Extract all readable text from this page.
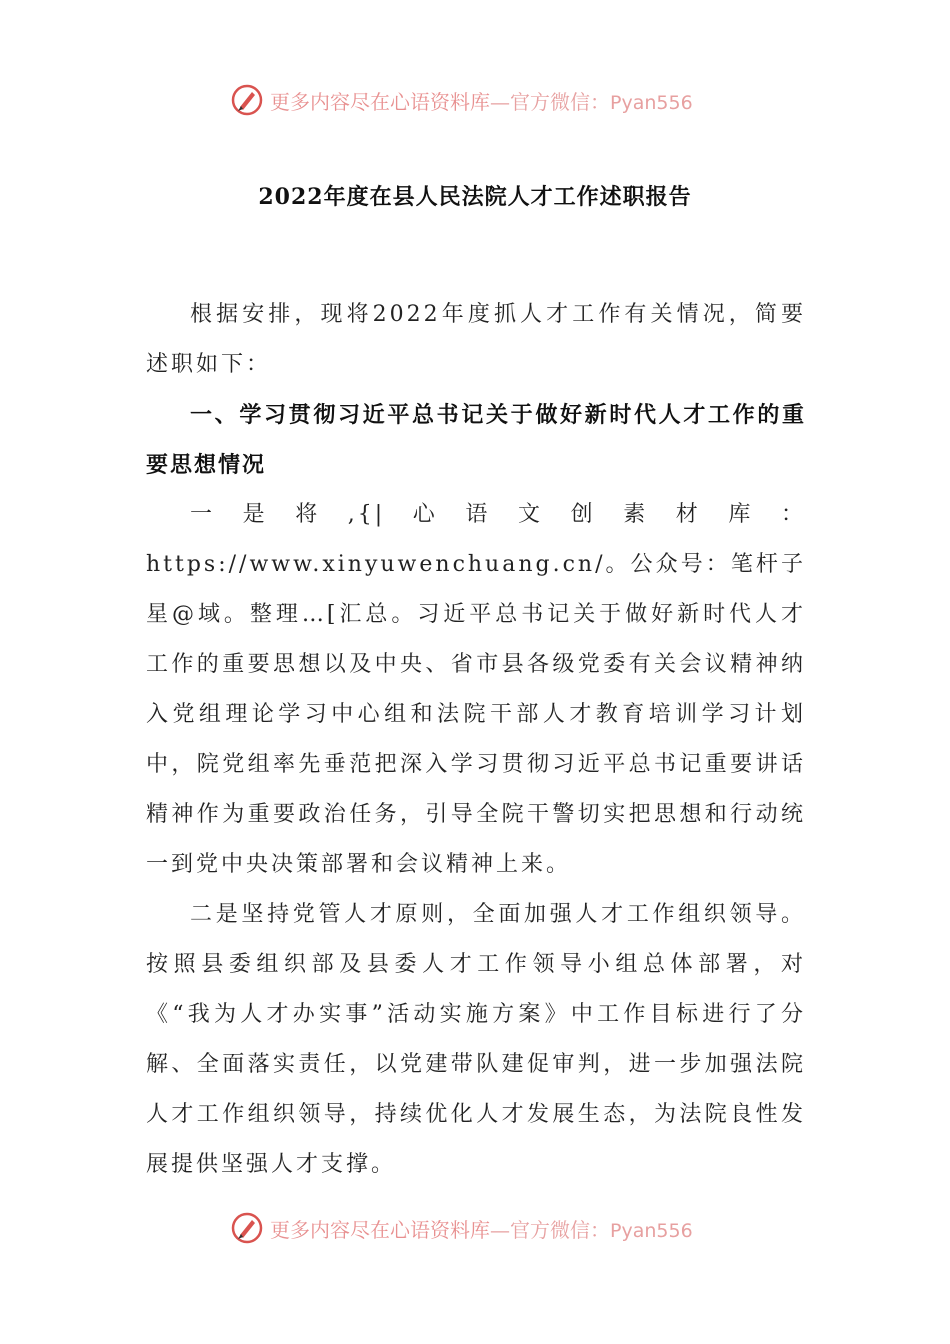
更多内容尽在心语资料库—官方微信：Pyan556
2022年度在县人民法院人才工作述职报告

根据安排，现将2022年度抓人才工作有关情况，简要述职如下：

一、学习贯彻习近平总书记关于做好新时代人才工作的重要思想情况

一是将,{|心语文创素材库：https://www.xinyuwenchuang.cn/。公众号：笔杆子星@域。整理…[汇总。习近平总书记关于做好新时代人才工作的重要思想以及中央、省市县各级党委有关会议精神纳入党组理论学习中心组和法院干部人才教育培训学习计划中，院党组率先垂范把深入学习贯彻习近平总书记重要讲话精神作为重要政治任务，引导全院干警切实把思想和行动统一到党中央决策部署和会议精神上来。

二是坚持党管人才原则，全面加强人才工作组织领导。按照县委组织部及县委人才工作领导小组总体部署，对《“我为人才办实事”活动实施方案》中工作目标进行了分解、全面落实责任，以党建带队建促审判，进一步加强法院人才工作组织领导，持续优化人才发展生态，为法院良性发展提供坚强人才支撑。

更多内容尽在心语资料库—官方微信：Pyan556
